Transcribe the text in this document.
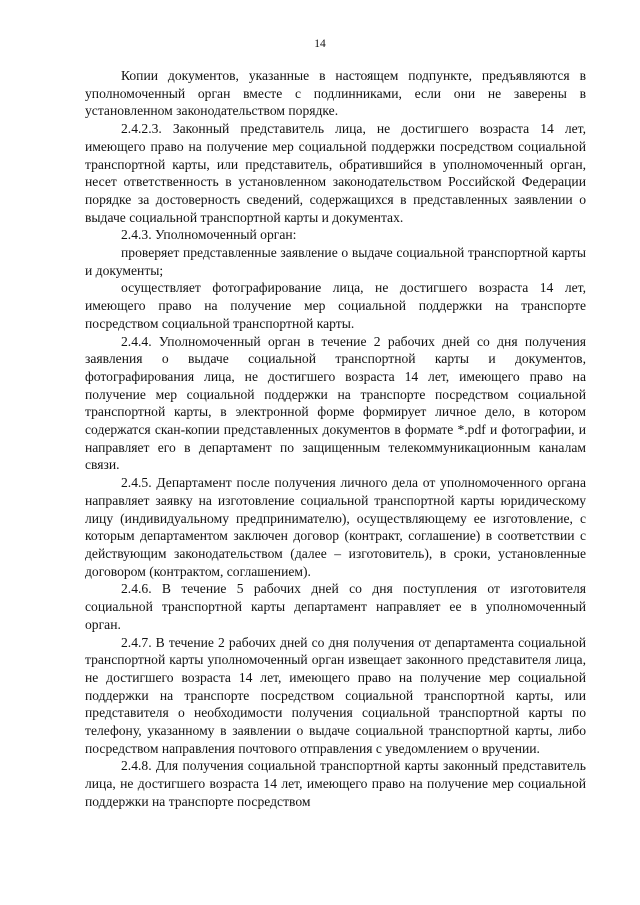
14

Копии документов, указанные в настоящем подпункте, предъявляются в уполномоченный орган вместе с подлинниками, если они не заверены в установленном законодательством порядке.

2.4.2.3. Законный представитель лица, не достигшего возраста 14 лет, имеющего право на получение мер социальной поддержки посредством социальной транспортной карты, или представитель, обратившийся в уполномоченный орган, несет ответственность в установленном законодательством Российской Федерации порядке за достоверность сведений, содержащихся в представленных заявлении о выдаче социальной транспортной карты и документах.

2.4.3. Уполномоченный орган:

проверяет представленные заявление о выдаче социальной транспортной карты и документы;

осуществляет фотографирование лица, не достигшего возраста 14 лет, имеющего право на получение мер социальной поддержки на транспорте посредством социальной транспортной карты.

2.4.4. Уполномоченный орган в течение 2 рабочих дней со дня получения заявления о выдаче социальной транспортной карты и документов, фотографирования лица, не достигшего возраста 14 лет, имеющего право на получение мер социальной поддержки на транспорте посредством социальной транспортной карты, в электронной форме формирует личное дело, в котором содержатся скан-копии представленных документов в формате *.pdf и фотографии, и направляет его в департамент по защищенным телекоммуникационным каналам связи.

2.4.5. Департамент после получения личного дела от уполномоченного органа направляет заявку на изготовление социальной транспортной карты юридическому лицу (индивидуальному предпринимателю), осуществляющему ее изготовление, с которым департаментом заключен договор (контракт, соглашение) в соответствии с действующим законодательством (далее – изготовитель), в сроки, установленные договором (контрактом, соглашением).

2.4.6. В течение 5 рабочих дней со дня поступления от изготовителя социальной транспортной карты департамент направляет ее в уполномоченный орган.

2.4.7. В течение 2 рабочих дней со дня получения от департамента социальной транспортной карты уполномоченный орган извещает законного представителя лица, не достигшего возраста 14 лет, имеющего право на получение мер социальной поддержки на транспорте посредством социальной транспортной карты, или представителя о необходимости получения социальной транспортной карты по телефону, указанному в заявлении о выдаче социальной транспортной карты, либо посредством направления почтового отправления с уведомлением о вручении.

2.4.8. Для получения социальной транспортной карты законный представитель лица, не достигшего возраста 14 лет, имеющего право на получение мер социальной поддержки на транспорте посредством
